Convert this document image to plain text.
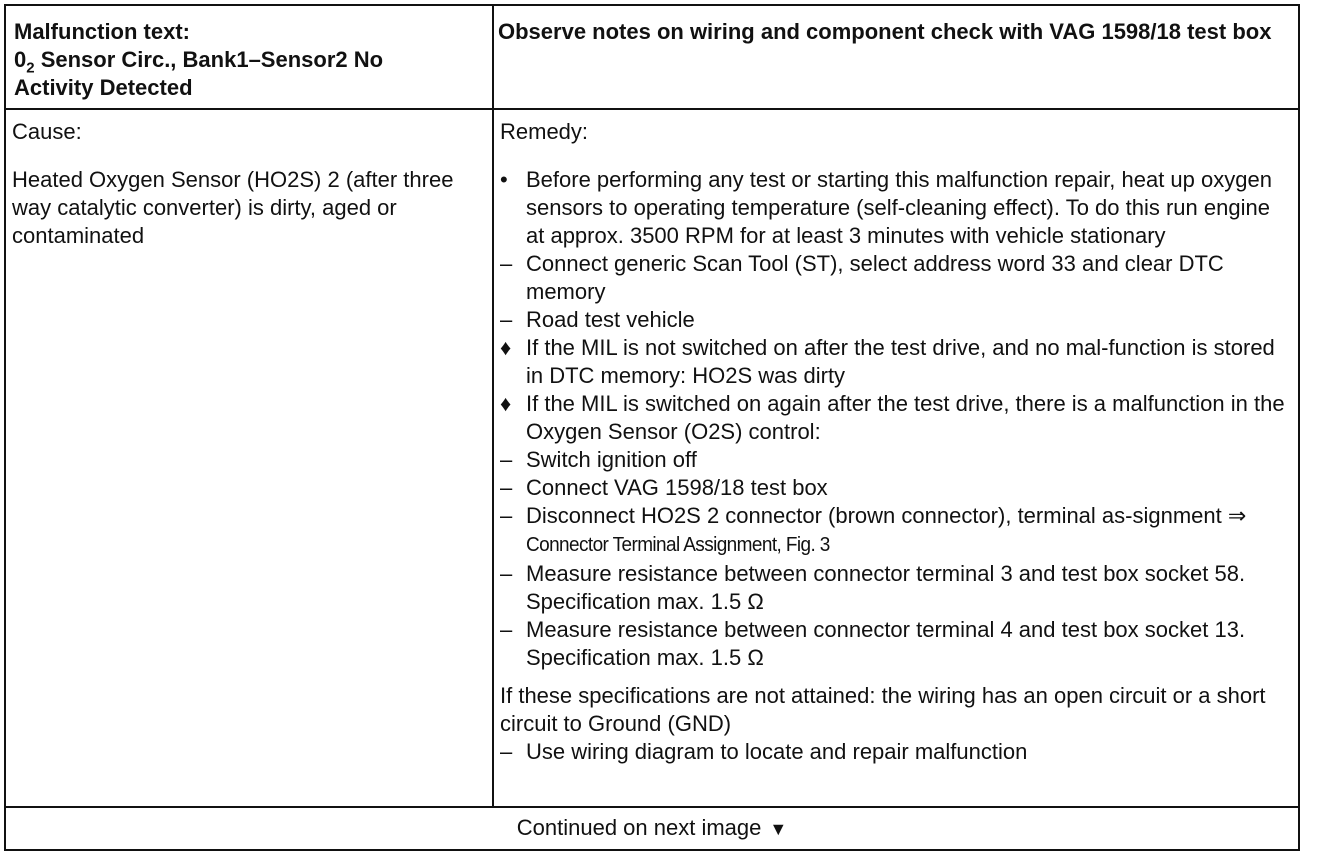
Malfunction text:
$0_2$ Sensor Circ., Bank1–Sensor2 No
Activity Detected
Observe notes on wiring and component check with VAG 1598/18 test box
Cause:
Heated Oxygen Sensor (HO2S) 2 (after three way catalytic converter) is dirty, aged or contaminated
Remedy:
• Before performing any test or starting this malfunction repair, heat up oxygen sensors to operating temperature (self-cleaning effect). To do this run engine at approx. 3500 RPM for at least 3 minutes with vehicle stationary
– Connect generic Scan Tool (ST), select address word 33 and clear DTC memory
– Road test vehicle
♦ If the MIL is not switched on after the test drive, and no mal-function is stored in DTC memory: HO2S was dirty
♦ If the MIL is switched on again after the test drive, there is a malfunction in the Oxygen Sensor (O2S) control:
– Switch ignition off
– Connect VAG 1598/18 test box
– Disconnect HO2S 2 connector (brown connector), terminal as-signment ⇒ Connector Terminal Assignment, Fig. 3
– Measure resistance between connector terminal 3 and test box socket 58. Specification max. 1.5 Ω
– Measure resistance between connector terminal 4 and test box socket 13. Specification max. 1.5 Ω
If these specifications are not attained: the wiring has an open circuit or a short circuit to Ground (GND)
– Use wiring diagram to locate and repair malfunction
Continued on next image ▼
